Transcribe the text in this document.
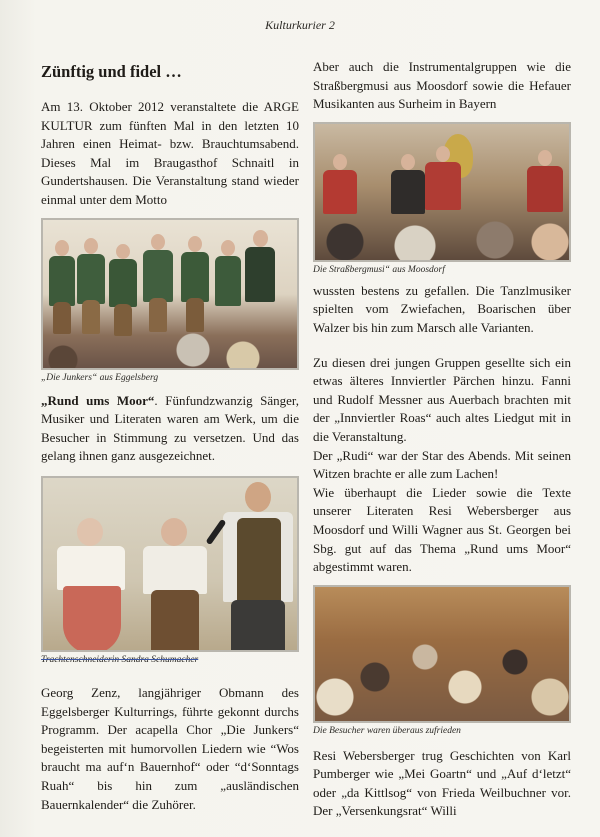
Kulturkurier 2
Zünftig und fidel …

Am 13. Oktober 2012 veranstaltete die ARGE KULTUR zum fünften Mal in den letzten 10 Jahren einen Heimat- bzw. Brauchtumsabend. Dieses Mal im Braugasthof Schnaitl in Gundertshausen. Die Veranstaltung stand wieder einmal unter dem Motto

„Die Junkers“ aus Eggelsberg

„Rund ums Moor“. Fünfundzwanzig Sänger, Musiker und Literaten waren am Werk, um die Besucher in Stimmung zu versetzen. Und das gelang ihnen ganz ausgezeichnet.

Trachtenschneiderin Sandra Schumacher

Georg Zenz, langjähriger Obmann des Eggelsberger Kulturrings, führte gekonnt durchs Programm. Der acapella Chor „Die Junkers“ begeisterten mit humorvollen Liedern wie “Wos braucht ma auf‘n Bauernhof“ oder “d‘Sonntags Ruah“ bis hin zum „ausländischen Bauernkalender“ die Zuhörer.

Aber auch die Instrumentalgruppen wie die Straßbergmusi aus Moosdorf sowie die Hefauer Musikanten aus Surheim in Bayern

Die Straßbergmusi“ aus Moosdorf

wussten bestens zu gefallen. Die Tanzlmusiker spielten vom Zwiefachen, Boarischen über Walzer bis hin zum Marsch alle Varianten.

Zu diesen drei jungen Gruppen gesellte sich ein etwas älteres Innviertler Pärchen hinzu. Fanni und Rudolf Messner aus Auerbach brachten mit der „Innviertler Roas“ auch altes Liedgut mit in die Veranstaltung.

Der „Rudi“ war der Star des Abends. Mit seinen Witzen brachte er alle zum Lachen!

Wie überhaupt die Lieder sowie die Texte unserer Literaten Resi Webersberger aus Moosdorf und Willi Wagner aus St. Georgen bei Sbg. gut auf das Thema „Rund ums Moor“ abgestimmt waren.

Die Besucher waren überaus zufrieden

Resi Webersberger trug Geschichten von Karl Pumberger wie „Mei Goartn“ und „Auf d‘letzt“ oder „da Kittlsog“ von Frieda Weilbuchner vor. Der „Versenkungsrat“ Willi
